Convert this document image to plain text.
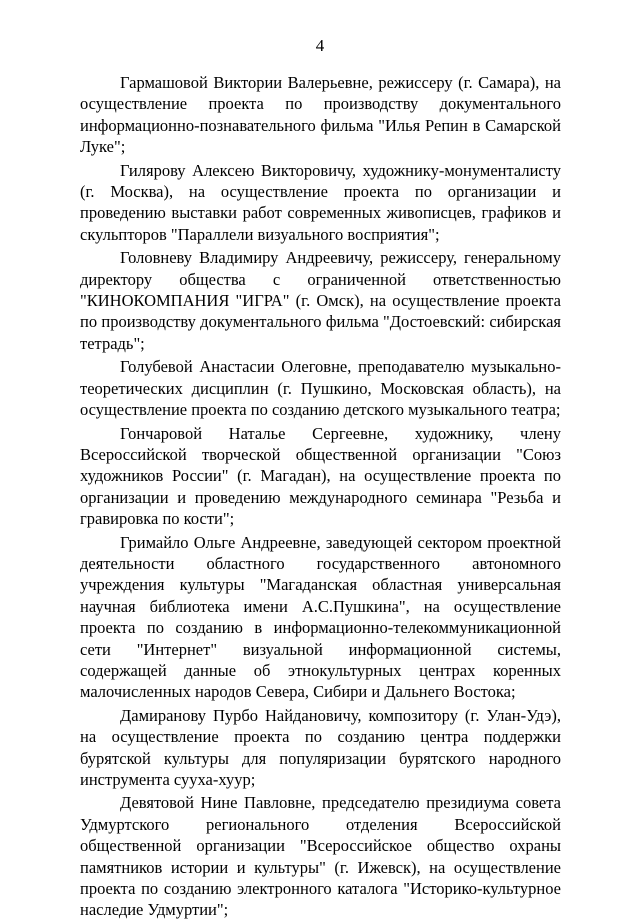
4

Гармашовой Виктории Валерьевне, режиссеру (г. Самара), на осуществление проекта по производству документального информационно-познавательного фильма "Илья Репин в Самарской Луке";

Гилярову Алексею Викторовичу, художнику-монументалисту (г. Москва), на осуществление проекта по организации и проведению выставки работ современных живописцев, графиков и скульпторов "Параллели визуального восприятия";

Головневу Владимиру Андреевичу, режиссеру, генеральному директору общества с ограниченной ответственностью "КИНОКОМПАНИЯ "ИГРА" (г. Омск), на осуществление проекта по производству документального фильма "Достоевский: сибирская тетрадь";

Голубевой Анастасии Олеговне, преподавателю музыкально-теоретических дисциплин (г. Пушкино, Московская область), на осуществление проекта по созданию детского музыкального театра;

Гончаровой Наталье Сергеевне, художнику, члену Всероссийской творческой общественной организации "Союз художников России" (г. Магадан), на осуществление проекта по организации и проведению международного семинара "Резьба и гравировка по кости";

Гримайло Ольге Андреевне, заведующей сектором проектной деятельности областного государственного автономного учреждения культуры "Магаданская областная универсальная научная библиотека имени А.С.Пушкина", на осуществление проекта по созданию в информационно-телекоммуникационной сети "Интернет" визуальной информационной системы, содержащей данные об этнокультурных центрах коренных малочисленных народов Севера, Сибири и Дальнего Востока;

Дамиранову Пурбо Найдановичу, композитору (г. Улан-Удэ), на осуществление проекта по созданию центра поддержки бурятской культуры для популяризации бурятского народного инструмента сууха-хуур;

Девятовой Нине Павловне, председателю президиума совета Удмуртского регионального отделения Всероссийской общественной организации "Всероссийское общество охраны памятников истории и культуры" (г. Ижевск), на осуществление проекта по созданию электронного каталога "Историко-культурное наследие Удмуртии";
